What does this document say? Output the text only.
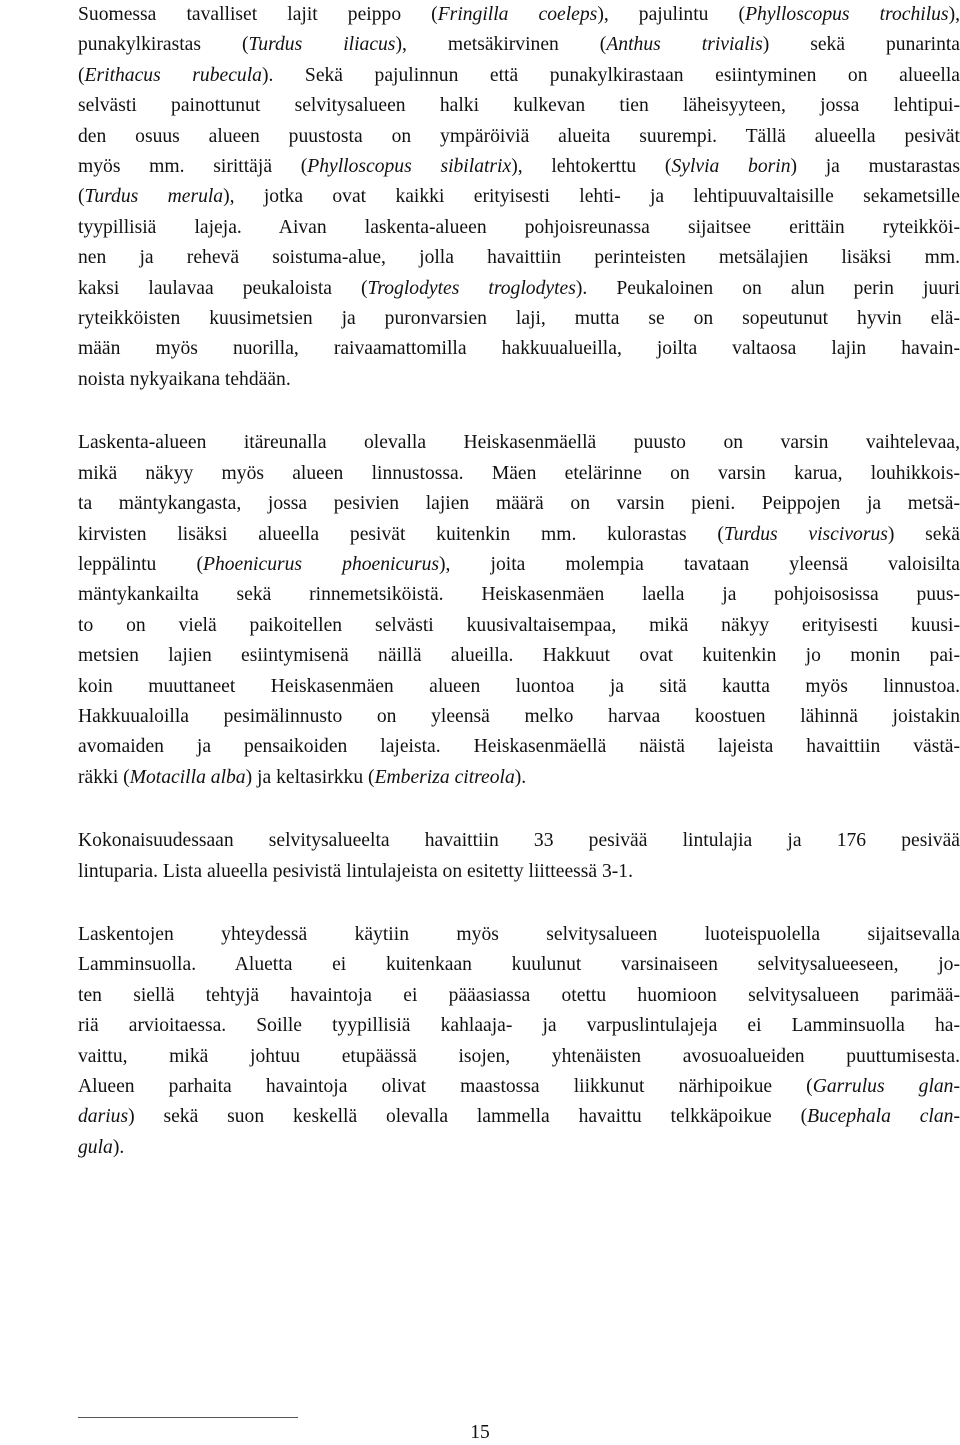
Suomessa tavalliset lajit peippo (Fringilla coeleps), pajulintu (Phylloscopus trochilus),
punakylkirastas (Turdus iliacus), metsäkirvinen (Anthus trivialis) sekä punarinta
(Erithacus rubecula). Sekä pajulinnun että punakylkirastaan esiintyminen on alueella
selvästi painottunut selvitysalueen halki kulkevan tien läheisyyteen, jossa lehtipui-
den osuus alueen puustosta on ympäröiviä alueita suurempi. Tällä alueella pesivät
myös mm. sirittäjä (Phylloscopus sibilatrix), lehtokerttu (Sylvia borin) ja mustarastas
(Turdus merula), jotka ovat kaikki erityisesti lehti- ja lehtipuuvaltaisille sekametsille
tyypillisiä lajeja. Aivan laskenta-alueen pohjoisreunassa sijaitsee erittäin ryteikköi-
nen ja rehevä soistuma-alue, jolla havaittiin perinteisten metsälajien lisäksi mm.
kaksi laulavaa peukaloista (Troglodytes troglodytes). Peukaloinen on alun perin juuri
ryteikköisten kuusimetsien ja puronvarsien laji, mutta se on sopeutunut hyvin elä-
mään myös nuorilla, raivaamattomilla hakkuualueilla, joilta valtaosa lajin havain-
noista nykyaikana tehdään.

Laskenta-alueen itäreunalla olevalla Heiskasenmäellä puusto on varsin vaihtelevaa,
mikä näkyy myös alueen linnustossa. Mäen etelärinne on varsin karua, louhikkois-
ta mäntykangasta, jossa pesivien lajien määrä on varsin pieni. Peippojen ja metsä-
kirvisten lisäksi alueella pesivät kuitenkin mm. kulorastas (Turdus viscivorus) sekä
leppälintu (Phoenicurus phoenicurus), joita molempia tavataan yleensä valoisilta
mäntykankailta sekä rinnemetsiköistä. Heiskasenmäen laella ja pohjoisosissa puus-
to on vielä paikoitellen selvästi kuusivaltaisempaa, mikä näkyy erityisesti kuusi-
metsien lajien esiintymisenä näillä alueilla. Hakkuut ovat kuitenkin jo monin pai-
koin muuttaneet Heiskasenmäen alueen luontoa ja sitä kautta myös linnustoa.
Hakkuualoilla pesimälinnusto on yleensä melko harvaa koostuen lähinnä joistakin
avomaiden ja pensaikoiden lajeista. Heiskasenmäellä näistä lajeista havaittiin västä-
räkki (Motacilla alba) ja keltasirkku (Emberiza citreola).

Kokonaisuudessaan selvitysalueelta havaittiin 33 pesivää lintulajia ja 176 pesivää
lintuparia. Lista alueella pesivistä lintulajeista on esitetty liitteessä 3-1.

Laskentojen yhteydessä käytiin myös selvitysalueen luoteispuolella sijaitsevalla
Lamminsuolla. Aluetta ei kuitenkaan kuulunut varsinaiseen selvitysalueeseen, jo-
ten siellä tehtyjä havaintoja ei pääasiassa otettu huomioon selvitysalueen parimää-
riä arvioitaessa. Soille tyypillisiä kahlaaja- ja varpuslintulajeja ei Lamminsuolla ha-
vaittu, mikä johtuu etupäässä isojen, yhtenäisten avosuoalueiden puuttumisesta.
Alueen parhaita havaintoja olivat maastossa liikkunut närhipoikue (Garrulus glan-
darius) sekä suon keskellä olevalla lammella havaittu telkkäpoikue (Bucephala clan-
gula).

15
